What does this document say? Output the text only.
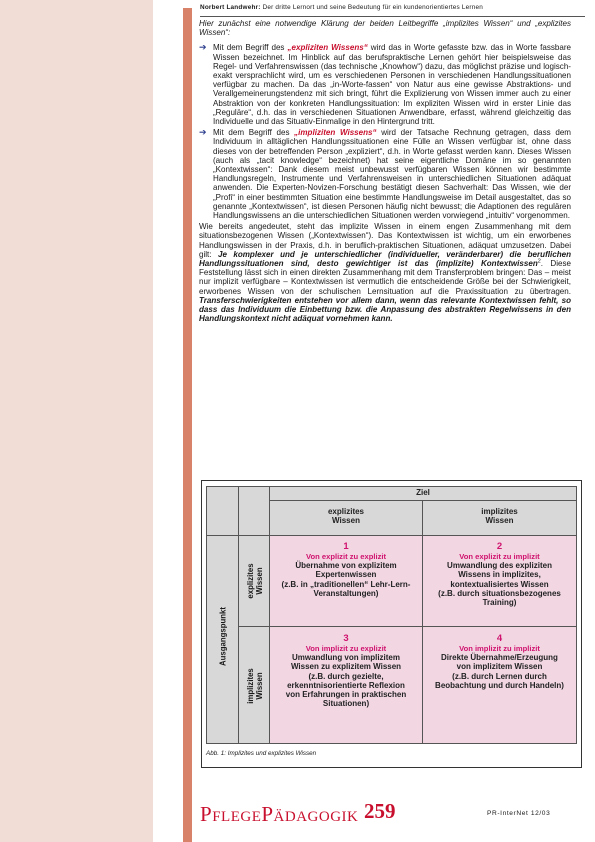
Norbert Landwehr: Der dritte Lernort und seine Bedeutung für ein kundenorientiertes Lernen

Hier zunächst eine notwendige Klärung der beiden Leitbegriffe „implizites Wissen“ und „explizites Wissen“:

➔ Mit dem Begriff des „expliziten Wissens“ wird das in Worte gefasste bzw. das in Worte fassbare Wissen bezeichnet. Im Hinblick auf das berufspraktische Lernen gehört hier beispielsweise das Regel- und Verfahrenswissen (das technische „Knowhow“) dazu, das möglichst präzise und logisch-exakt versprachlicht wird, um es verschiedenen Personen in verschiedenen Handlungssituationen verfügbar zu machen. Da das „in-Worte-fassen“ von Natur aus eine gewisse Abstraktions- und Verallgemeinerungstendenz mit sich bringt, führt die Explizierung von Wissen immer auch zu einer Abstraktion von der konkreten Handlungssituation: Im expliziten Wissen wird in erster Linie das „Reguläre“, d.h. das in verschiedenen Situationen Anwendbare, erfasst, während gleichzeitig das Individuelle und das Situativ-Einmalige in den Hintergrund tritt.

➔ Mit dem Begriff des „impliziten Wissens“ wird der Tatsache Rechnung getragen, dass dem Individuum in alltäglichen Handlungssituationen eine Fülle an Wissen verfügbar ist, ohne dass dieses von der betreffenden Person „expliziert“, d.h. in Worte gefasst werden kann. Dieses Wissen (auch als „tacit knowledge“ bezeichnet) hat seine eigentliche Domäne im so genannten „Kontextwissen“: Dank diesem meist unbewusst verfügbaren Wissen können wir bestimmte Handlungsregeln, Instrumente und Verfahrensweisen in unterschiedlichen Situationen adäquat anwenden. Die Experten-Novizen-Forschung bestätigt diesen Sachverhalt: Das Wissen, wie der „Profi“ in einer bestimmten Situation eine bestimmte Handlungsweise im Detail ausgestaltet, das so genannte „Kontextwissen“, ist diesen Personen häufig nicht bewusst; die Adaptionen des regulären Handlungswissens an die unterschiedlichen Situationen werden vorwiegend „intuitiv“ vorgenommen.

Wie bereits angedeutet, steht das implizite Wissen in einem engen Zusammenhang mit dem situationsbezogenen Wissen („Kontextwissen“). Das Kontextwissen ist wichtig, um ein erworbenes Handlungswissen in der Praxis, d.h. in beruflich-praktischen Situationen, adäquat umzusetzen. Dabei gilt: Je komplexer und je unterschiedlicher (individueller, veränderbarer) die beruflichen Handlungssituationen sind, desto gewichtiger ist das (implizite) Kontextwissen$^2$. Diese Feststellung lässt sich in einen direkten Zusammenhang mit dem Transferproblem bringen: Das – meist nur implizit verfügbare – Kontextwissen ist vermutlich die entscheidende Größe bei der Schwierigkeit, erworbenes Wissen von der schulischen Lernsituation auf die Praxissituation zu übertragen. Transferschwierigkeiten entstehen vor allem dann, wenn das relevante Kontextwissen fehlt, so dass das Individuum die Einbettung bzw. die Anpassung des abstrakten Regelwissens in den Handlungskontext nicht adäquat vornehmen kann.

Ziel
explizites
Wissen
implizites
Wissen
Ausgangspunkt
explizites
Wissen
implizites
Wissen
1
Von explizit zu explizit
Übernahme von explizitem
Expertenwissen
(z.B. in „traditionellen“ Lehr-Lern-
Veranstaltungen)
2
Von explizit zu implizit
Umwandlung des expliziten
Wissens in implizites,
kontextualisiertes Wissen
(z.B. durch situationsbezogenes
Training)
3
Von implizit zu explizit
Umwandlung von implizitem
Wissen zu explizitem Wissen
(z.B. durch gezielte,
erkenntnisorientierte Reflexion
von Erfahrungen in praktischen
Situationen)
4
Von implizit zu implizit
Direkte Übernahme/Erzeugung
von implizitem Wissen
(z.B. durch Lernen durch
Beobachtung und durch Handeln)
Abb. 1: Implizites und explizites Wissen
PFLEGEPÄDAGOGIK 259	PR-InterNet 12/03
